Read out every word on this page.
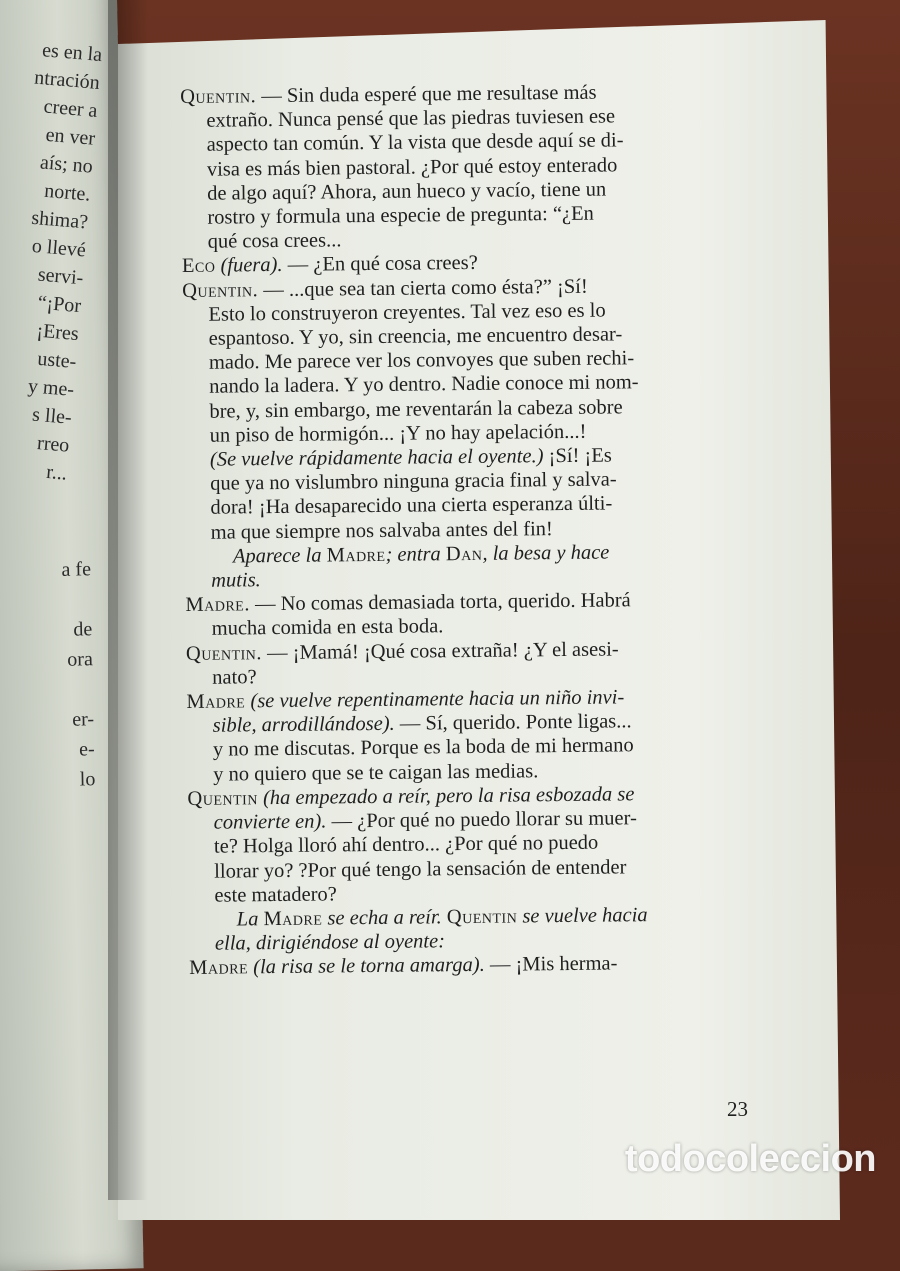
es en la
ntración
creer a
en ver
aís; no
norte.
shima?
o llevé
servi-
“¡Por
¡Eres
uste-
y me-
s lle-
rreo
r...
a fe

de
ora

er-
e-
lo
Quentin. — Sin duda esperé que me resultase más
extraño. Nunca pensé que las piedras tuviesen ese
aspecto tan común. Y la vista que desde aquí se di-
visa es más bien pastoral. ¿Por qué estoy enterado
de algo aquí? Ahora, aun hueco y vacío, tiene un
rostro y formula una especie de pregunta: “¿En
qué cosa crees...
Eco (fuera). — ¿En qué cosa crees?
Quentin. — ...que sea tan cierta como ésta?” ¡Sí!
Esto lo construyeron creyentes. Tal vez eso es lo
espantoso. Y yo, sin creencia, me encuentro desar-
mado. Me parece ver los convoyes que suben rechi-
nando la ladera. Y yo dentro. Nadie conoce mi nom-
bre, y, sin embargo, me reventarán la cabeza sobre
un piso de hormigón... ¡Y no hay apelación...!
(Se vuelve rápidamente hacia el oyente.) ¡Sí! ¡Es
que ya no vislumbro ninguna gracia final y salva-
dora! ¡Ha desaparecido una cierta esperanza últi-
ma que siempre nos salvaba antes del fin!
Aparece la Madre; entra Dan, la besa y hace
mutis.
Madre. — No comas demasiada torta, querido. Habrá
mucha comida en esta boda.
Quentin. — ¡Mamá! ¡Qué cosa extraña! ¿Y el asesi-
nato?
Madre (se vuelve repentinamente hacia un niño invi-
sible, arrodillándose). — Sí, querido. Ponte ligas...
y no me discutas. Porque es la boda de mi hermano
y no quiero que se te caigan las medias.
Quentin (ha empezado a reír, pero la risa esbozada se
convierte en). — ¿Por qué no puedo llorar su muer-
te? Holga lloró ahí dentro... ¿Por qué no puedo
llorar yo? ?Por qué tengo la sensación de entender
este matadero?
La Madre se echa a reír. Quentin se vuelve hacia
ella, dirigiéndose al oyente:
Madre (la risa se le torna amarga). — ¡Mis herma-
23
todocoleccion
